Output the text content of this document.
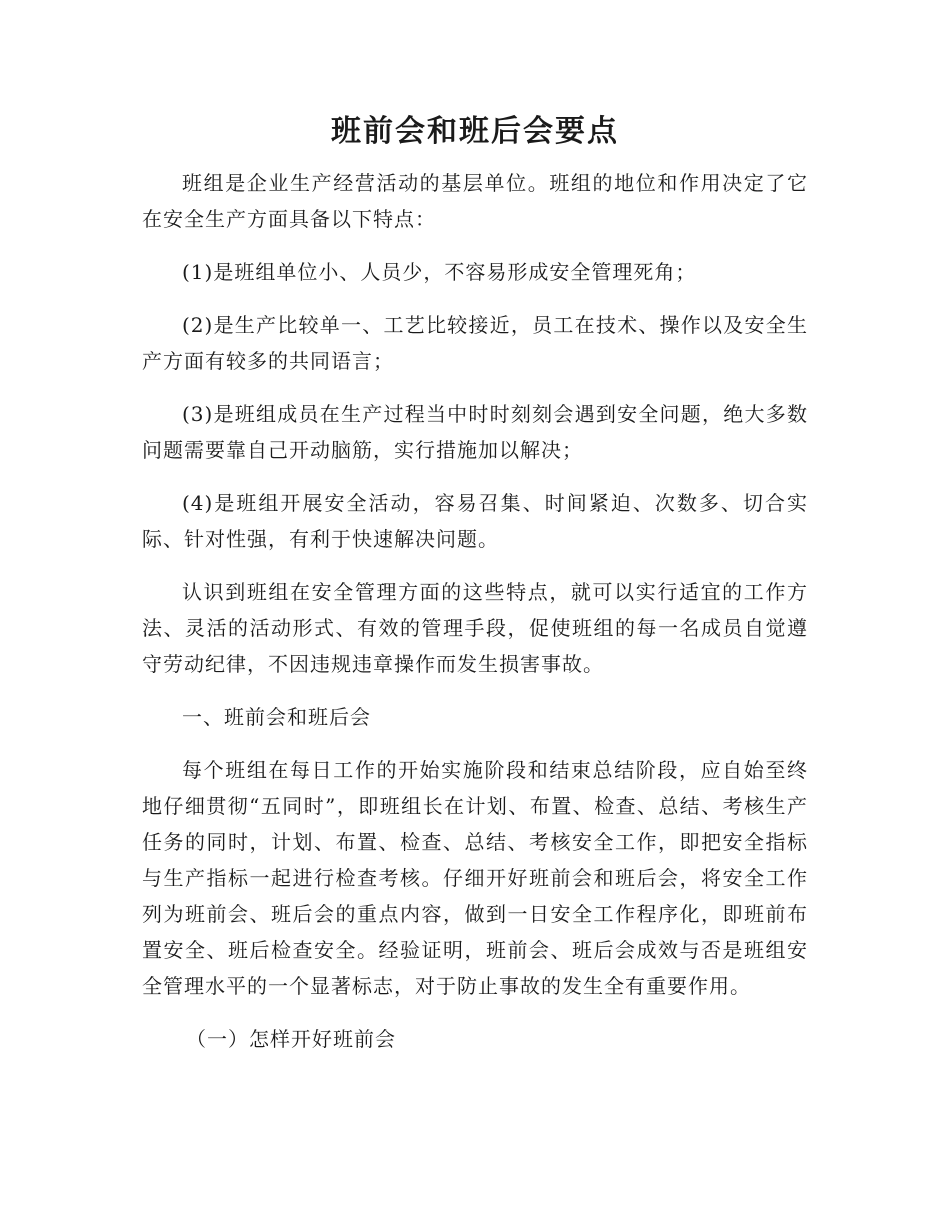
班前会和班后会要点

班组是企业生产经营活动的基层单位。班组的地位和作用决定了它在安全生产方面具备以下特点：

(1)是班组单位小、人员少，不容易形成安全管理死角；

(2)是生产比较单一、工艺比较接近，员工在技术、操作以及安全生产方面有较多的共同语言；

(3)是班组成员在生产过程当中时时刻刻会遇到安全问题，绝大多数问题需要靠自己开动脑筋，实行措施加以解决；

(4)是班组开展安全活动，容易召集、时间紧迫、次数多、切合实际、针对性强，有利于快速解决问题。

认识到班组在安全管理方面的这些特点，就可以实行适宜的工作方法、灵活的活动形式、有效的管理手段，促使班组的每一名成员自觉遵守劳动纪律，不因违规违章操作而发生损害事故。

一、班前会和班后会

每个班组在每日工作的开始实施阶段和结束总结阶段，应自始至终地仔细贯彻“五同时”，即班组长在计划、布置、检查、总结、考核生产任务的同时，计划、布置、检查、总结、考核安全工作，即把安全指标与生产指标一起进行检查考核。仔细开好班前会和班后会，将安全工作列为班前会、班后会的重点内容，做到一日安全工作程序化，即班前布置安全、班后检查安全。经验证明，班前会、班后会成效与否是班组安全管理水平的一个显著标志，对于防止事故的发生全有重要作用。

（一）怎样开好班前会
